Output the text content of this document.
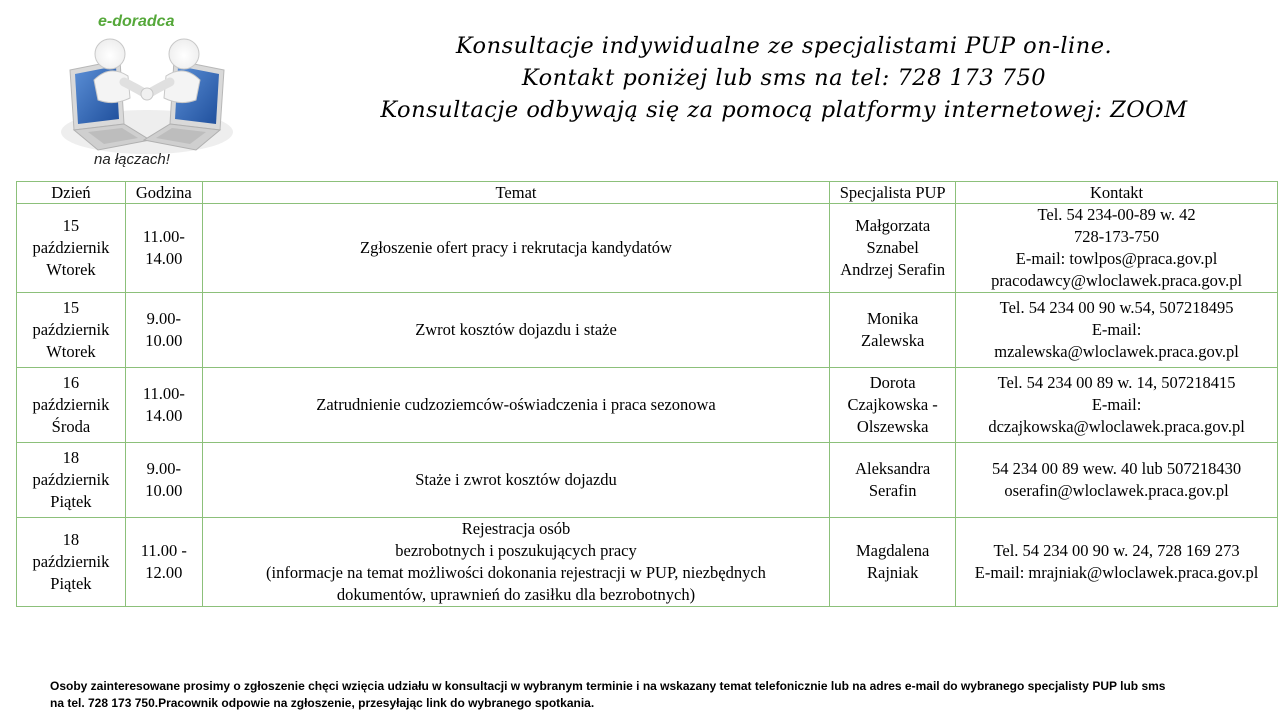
e-doradca
na łączach!
Konsultacje indywidualne ze specjalistami PUP on-line.
Kontakt poniżej lub sms na tel: 728 173 750
Konsultacje odbywają się za pomocą platformy internetowej: ZOOM
Dzień	Godzina	Temat	Specjalista PUP	Kontakt

15
październik
Wtorek	11.00-
14.00	Zgłoszenie ofert pracy i rekrutacja kandydatów	Małgorzata
Sznabel
Andrzej Serafin	Tel. 54 234-00-89 w. 42
728-173-750
E-mail: towlpos@praca.gov.pl
pracodawcy@wloclawek.praca.gov.pl

15
październik
Wtorek	9.00-
10.00	Zwrot kosztów dojazdu i staże	Monika
Zalewska	Tel. 54 234 00 90 w.54, 507218495
E-mail:
mzalewska@wloclawek.praca.gov.pl

16
październik
Środa	11.00-
14.00	Zatrudnienie cudzoziemców-oświadczenia i praca sezonowa	Dorota
Czajkowska -
Olszewska	Tel. 54 234 00 89 w. 14, 507218415
E-mail:
dczajkowska@wloclawek.praca.gov.pl

18
październik
Piątek	9.00-
10.00	Staże i zwrot kosztów dojazdu	Aleksandra
Serafin	54 234 00 89 wew. 40 lub 507218430
oserafin@wloclawek.praca.gov.pl

18
październik
Piątek	11.00 -
12.00	Rejestracja osób
bezrobotnych i poszukujących pracy
(informacje na temat możliwości dokonania rejestracji w PUP, niezbędnych
dokumentów, uprawnień do zasiłku dla bezrobotnych)	Magdalena
Rajniak	Tel. 54 234 00 90 w. 24, 728 169 273
E-mail: mrajniak@wloclawek.praca.gov.pl
Osoby zainteresowane prosimy o zgłoszenie chęci wzięcia udziału w konsultacji w wybranym terminie i na wskazany temat telefonicznie lub na adres e-mail do wybranego specjalisty PUP lub sms
na tel. 728 173 750.Pracownik odpowie na zgłoszenie, przesyłając link do wybranego spotkania.
